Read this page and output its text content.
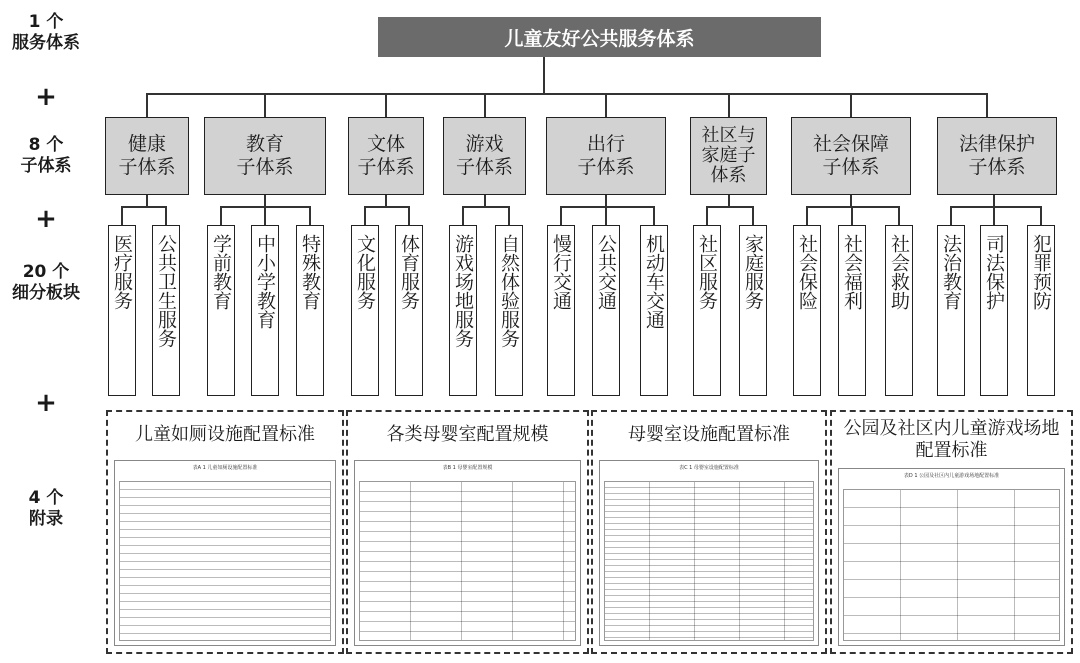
1 个
服务体系
+
8 个
子体系
+
20 个
细分板块
+
4 个
附录
儿童友好公共服务体系
健康
子体系
教育
子体系
文体
子体系
游戏
子体系
出行
子体系
社区与
家庭子
体系
社会保障
子体系
法律保护
子体系
医疗服务 公共卫生服务 学前教育 中小学教育 特殊教育 文化服务 体育服务 游戏场地服务 自然体验服务 慢行交通 公共交通 机动车交通 社区服务 家庭服务 社会保险 社会福利 社会救助 法治教育 司法保护 犯罪预防
儿童如厕设施配置标准
表A 1 儿童如厕设施配置标准
各类母婴室配置规模
表B 1 母婴室配置规模
母婴室设施配置标准
表C 1 母婴室设施配置标准
公园及社区内儿童游戏场地配置标准
表D 1 公园及社区内儿童游戏场地配置标准
